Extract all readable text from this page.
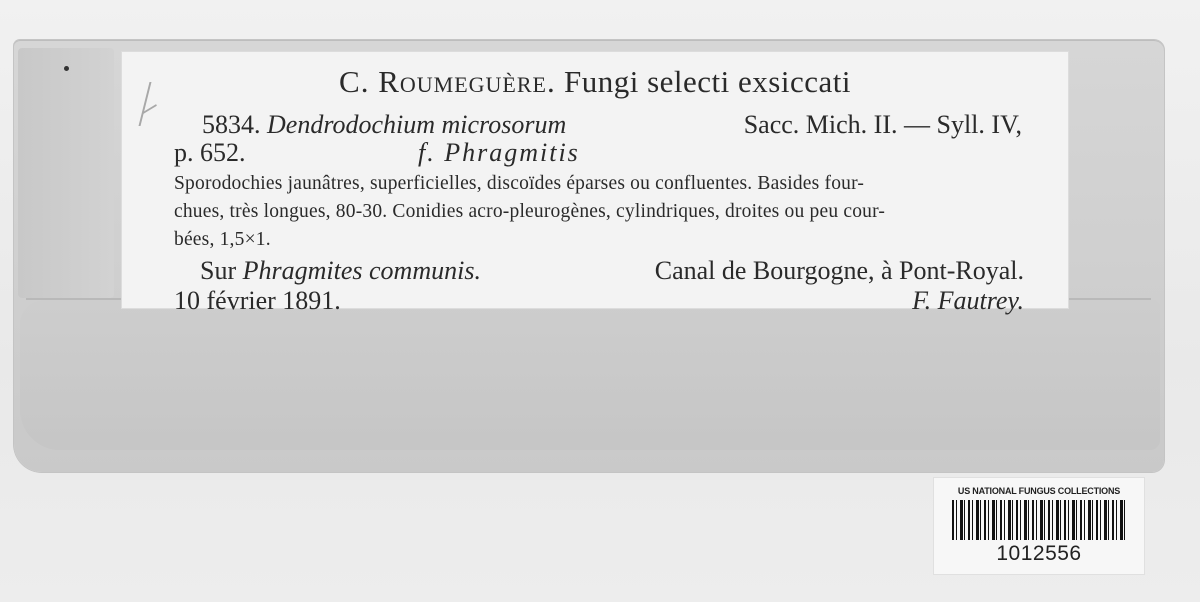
C. Roumeguère. Fungi selecti exsiccati
5834. Dendrodochium microsorum	Sacc. Mich. II. — Syll. IV,
p. 652.	f. Phragmitis
Sporodochies jaunâtres, superficielles, discoïdes éparses ou confluentes. Basides four-
chues, très longues, 80-30. Conidies acro-pleurogènes, cylindriques, droites ou peu cour-
bées, 1,5×1.
Sur Phragmites communis.	Canal de Bourgogne, à Pont-Royal.
10 février 1891.	F. Fautrey.
US NATIONAL FUNGUS COLLECTIONS
1012556
